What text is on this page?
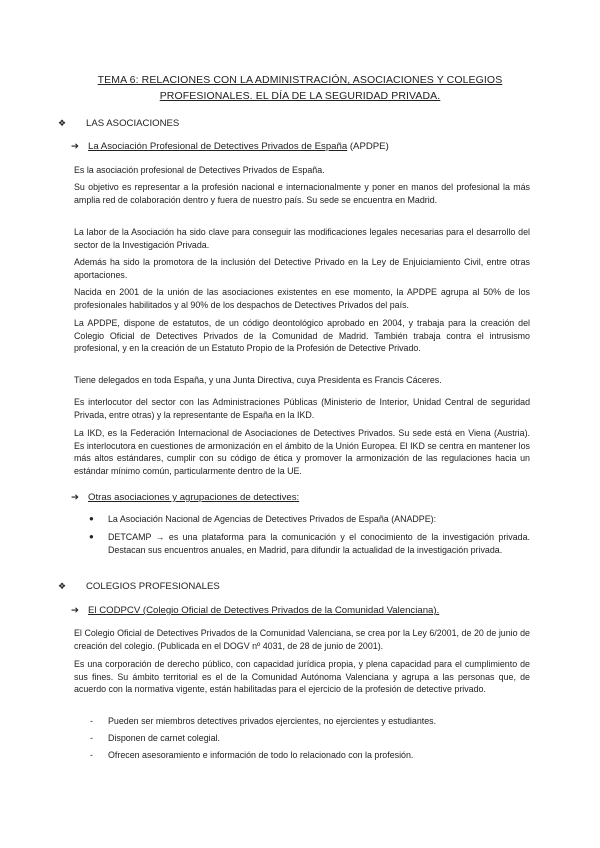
TEMA 6: RELACIONES CON LA ADMINISTRACIÓN, ASOCIACIONES Y COLEGIOS PROFESIONALES. EL DÍA DE LA SEGURIDAD PRIVADA.
❖ LAS ASOCIACIONES
➔ La Asociación Profesional de Detectives Privados de España (APDPE)

Es la asociación profesional de Detectives Privados de España.

Su objetivo es representar a la profesión nacional e internacionalmente y poner en manos del profesional la más amplia red de colaboración dentro y fuera de nuestro país. Su sede se encuentra en Madrid.

La labor de la Asociación ha sido clave para conseguir las modificaciones legales necesarias para el desarrollo del sector de la Investigación Privada.

Además ha sido la promotora de la inclusión del Detective Privado en la Ley de Enjuiciamiento Civil, entre otras aportaciones.

Nacida en 2001 de la unión de las asociaciones existentes en ese momento, la APDPE agrupa al 50% de los profesionales habilitados y al 90% de los despachos de Detectives Privados del país.

La APDPE, dispone de estatutos, de un código deontológico aprobado en 2004, y trabaja para la creación del Colegio Oficial de Detectives Privados de la Comunidad de Madrid. También trabaja contra el intrusismo profesional, y en la creación de un Estatuto Propio de la Profesión de Detective Privado.

Tiene delegados en toda España, y una Junta Directiva, cuya Presidenta es Francis Cáceres.

Es interlocutor del sector con las Administraciones Públicas (Ministerio de Interior, Unidad Central de seguridad Privada, entre otras) y la representante de España en la IKD.

La IKD, es la Federación Internacional de Asociaciones de Detectives Privados. Su sede está en Viena (Austria). Es interlocutora en cuestiones de armonización en el ámbito de la Unión Europea. El IKD se centra en mantener los más altos estándares, cumplir con su código de ética y promover la armonización de las regulaciones hacia un estándar mínimo común, particularmente dentro de la UE.

➔ Otras asociaciones y agrupaciones de detectives:
● La Asociación Nacional de Agencias de Detectives Privados de España (ANADPE):
● DETCAMP → es una plataforma para la comunicación y el conocimiento de la investigación privada. Destacan sus encuentros anuales, en Madrid, para difundir la actualidad de la investigación privada.
❖ COLEGIOS PROFESIONALES
➔ El CODPCV (Colegio Oficial de Detectives Privados de la Comunidad Valenciana).

El Colegio Oficial de Detectives Privados de la Comunidad Valenciana, se crea por la Ley 6/2001, de 20 de junio de creación del colegio. (Publicada en el DOGV nº 4031, de 28 de junio de 2001).

Es una corporación de derecho público, con capacidad jurídica propia, y plena capacidad para el cumplimiento de sus fines. Su ámbito territorial es el de la Comunidad Autónoma Valenciana y agrupa a las personas que, de acuerdo con la normativa vigente, están habilitadas para el ejercicio de la profesión de detective privado.

- Pueden ser miembros detectives privados ejercientes, no ejercientes y estudiantes.
- Disponen de carnet colegial.
- Ofrecen asesoramiento e información de todo lo relacionado con la profesión.
